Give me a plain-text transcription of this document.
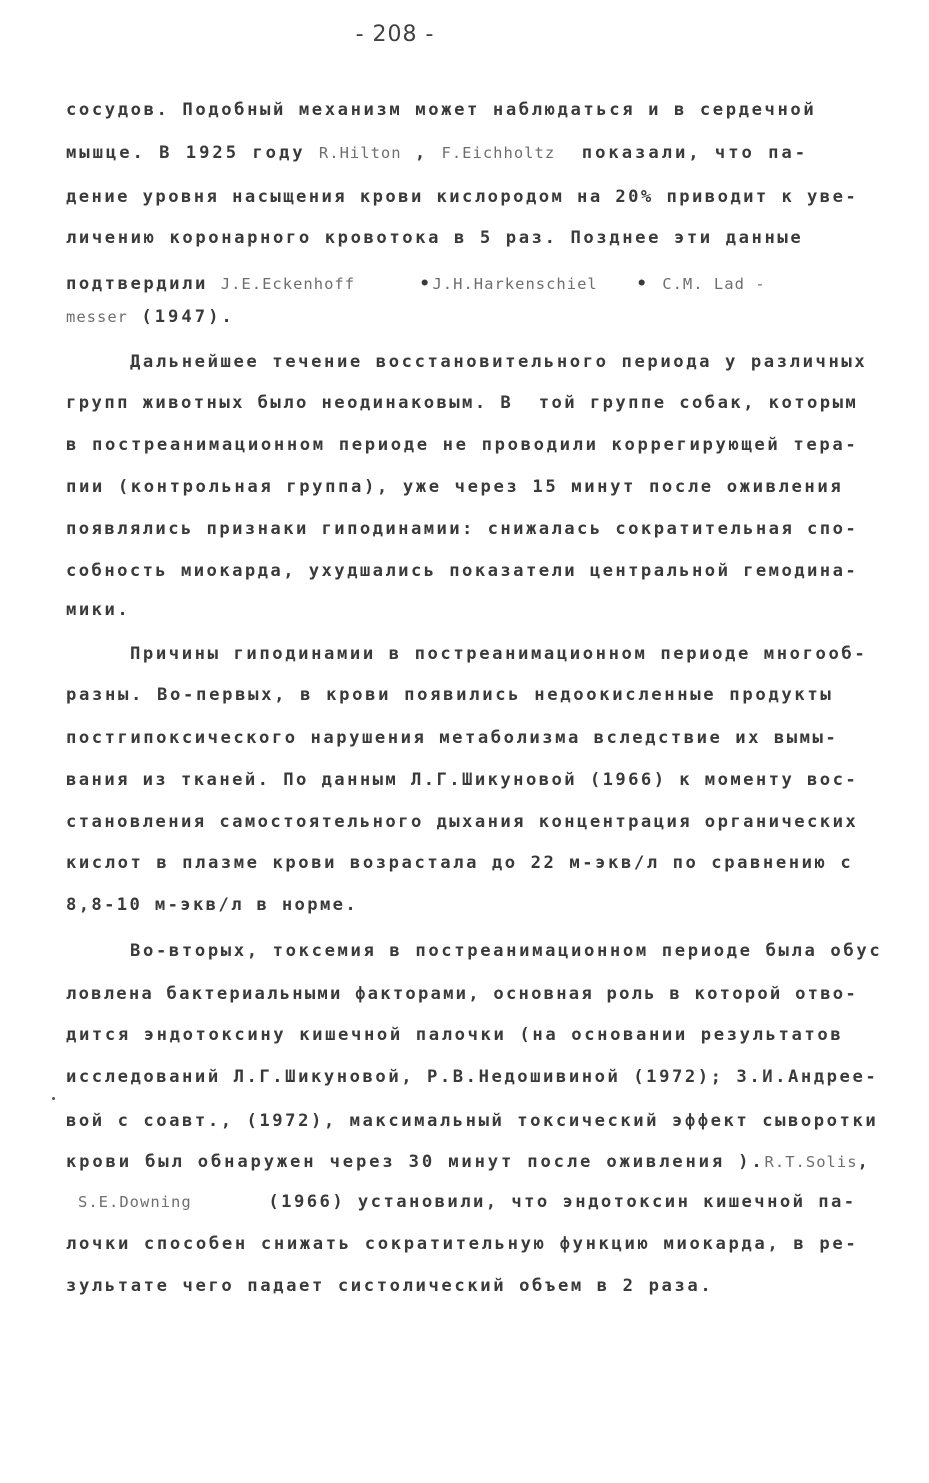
- 208 -
сосудов. Подобный механизм может наблюдаться и в сердечной
мышце. В 1925 году R.Hilton , F.Eichholtz  показали, что па-
дение уровня насыщения крови кислородом на 20% приводит к уве-
личению коронарного кровотока в 5 раз. Позднее эти данные
подтвердили J.E.Eckenhoff     •J.H.Harkenschiel   • C.M. Lad -
messer (1947).
Дальнейшее течение восстановительного периода у различных
групп животных было неодинаковым. В  той группе собак, которым
в постреанимационном периоде не проводили коррегирующей тера-
пии (контрольная группа), уже через 15 минут после оживления
появлялись признаки гиподинамии: снижалась сократительная спо-
собность миокарда, ухудшались показатели центральной гемодина-
мики.
Причины гиподинамии в постреанимационном периоде многооб-
разны. Во-первых, в крови появились недоокисленные продукты
постгипоксического нарушения метаболизма вследствие их вымы-
вания из тканей. По данным Л.Г.Шикуновой (1966) к моменту вос-
становления самостоятельного дыхания концентрация органических
кислот в плазме крови возрастала до 22 м-экв/л по сравнению с
8,8-10 м-экв/л в норме.
Во-вторых, токсемия в постреанимационном периоде была обус
ловлена бактериальными факторами, основная роль в которой отво-
дится эндотоксину кишечной палочки (на основании результатов
исследований Л.Г.Шикуновой, Р.В.Недошивиной (1972); З.И.Андрее-
вой с соавт., (1972), максимальный токсический эффект сыворотки
крови был обнаружен через 30 минут после оживления ).R.T.Solis,
S.E.Downing      (1966) установили, что эндотоксин кишечной па-
лочки способен снижать сократительную функцию миокарда, в ре-
зультате чего падает систолический объем в 2 раза.
